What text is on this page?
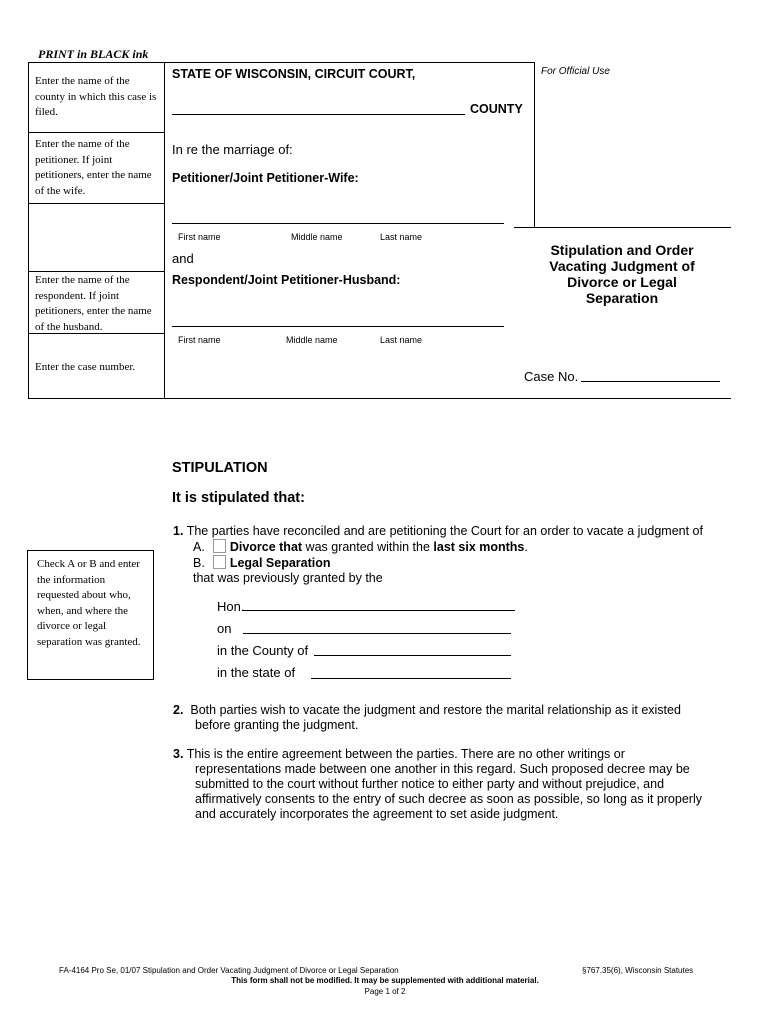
PRINT in BLACK ink
Enter the name of the county in which this case is filed.
Enter the name of the petitioner. If joint petitioners, enter the name of the wife.
Enter the name of the respondent. If joint petitioners, enter the name of the husband.
Enter the case number.
STATE OF WISCONSIN, CIRCUIT COURT,
COUNTY
For Official Use
In re the marriage of:
Petitioner/Joint Petitioner-Wife:
First name	Middle name	Last name
and
Respondent/Joint Petitioner-Husband:
First name	Middle name	Last name
Stipulation and Order
Vacating Judgment of
Divorce or Legal
Separation
Case No.
STIPULATION
It is stipulated that:
Check A or B and enter the information requested about who, when, and where the divorce or legal separation was granted.
1. The parties have reconciled and are petitioning the Court for an order to vacate a judgment of
A. Divorce that was granted within the last six months.
B. Legal Separation
that was previously granted by the
Hon.
on
in the County of
in the state of
2. Both parties wish to vacate the judgment and restore the marital relationship as it existed
before granting the judgment.
3. This is the entire agreement between the parties. There are no other writings or
representations made between one another in this regard. Such proposed decree may be
submitted to the court without further notice to either party and without prejudice, and
affirmatively consents to the entry of such decree as soon as possible, so long as it properly
and accurately incorporates the agreement to set aside judgment.
FA-4164 Pro Se, 01/07 Stipulation and Order Vacating Judgment of Divorce or Legal Separation	§767.35(6), Wisconsin Statutes
This form shall not be modified. It may be supplemented with additional material.
Page 1 of 2
